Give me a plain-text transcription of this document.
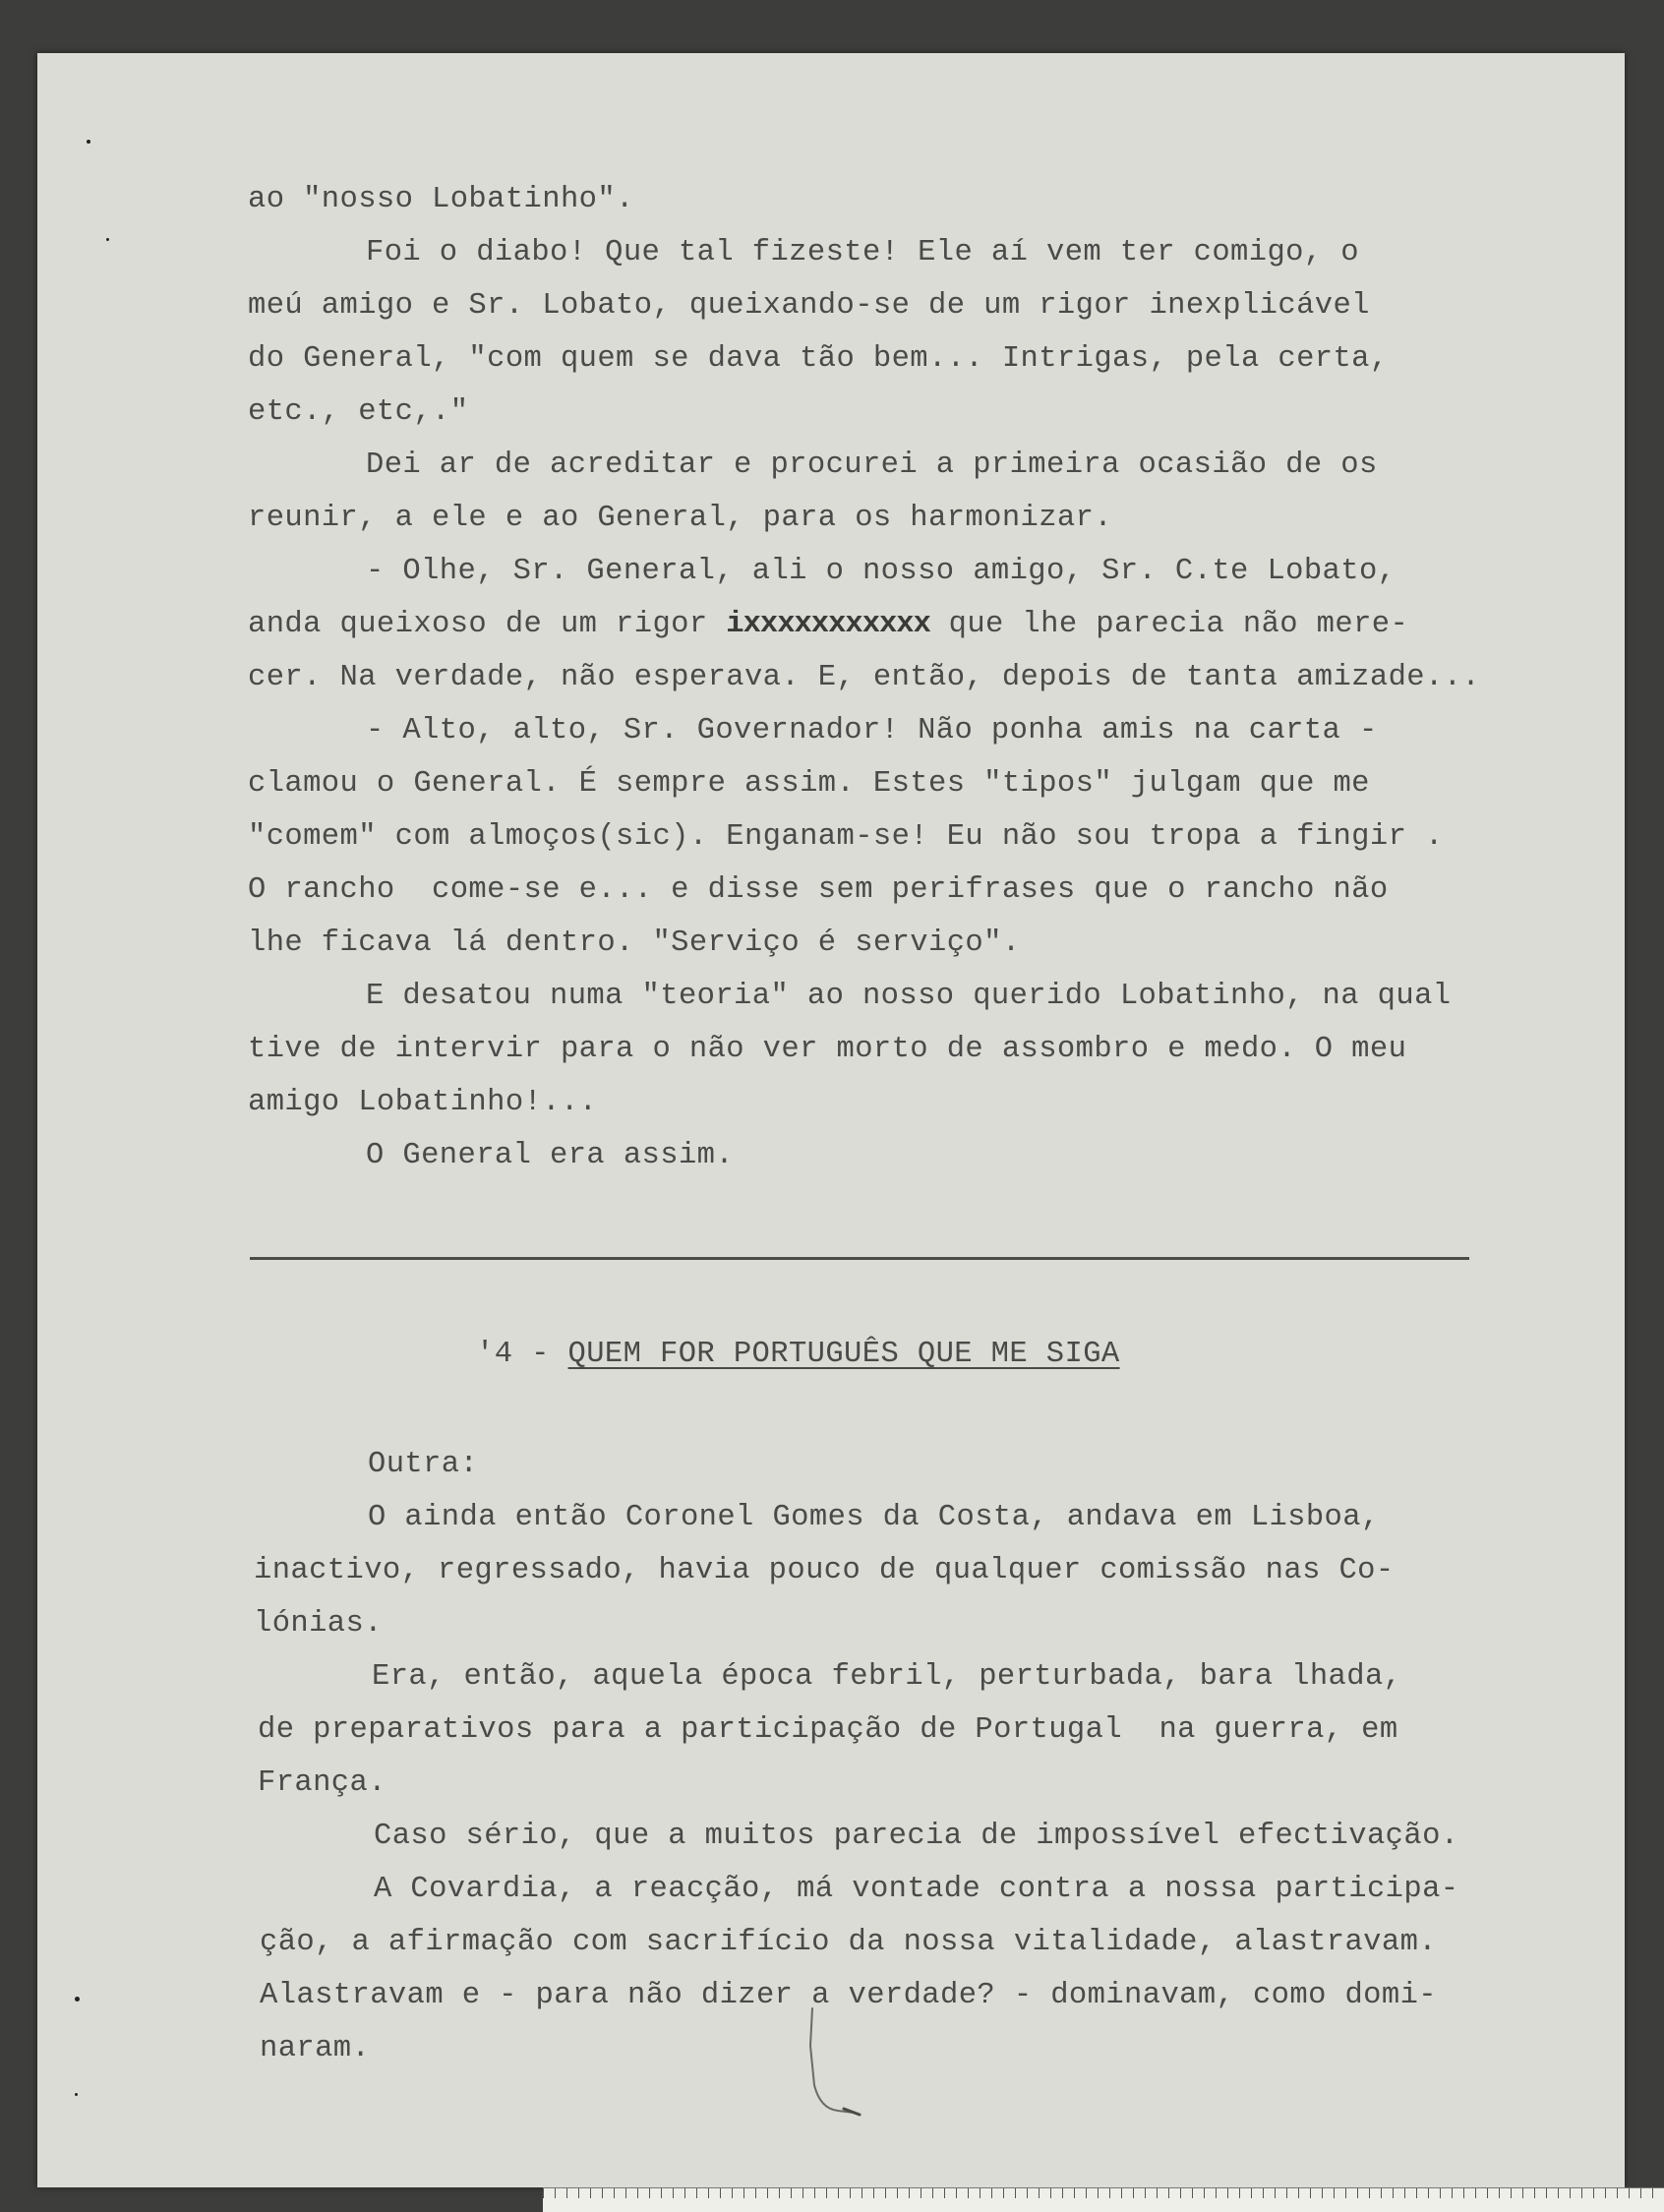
ao "nosso Lobatinho".
Foi o diabo! Que tal fizeste! Ele aí vem ter comigo, o
meú amigo e Sr. Lobato, queixando-se de um rigor inexplicável
do General, "com quem se dava tão bem... Intrigas, pela certa,
etc., etc,."
Dei ar de acreditar e procurei a primeira ocasião de os
reunir, a ele e ao General, para os harmonizar.
- Olhe, Sr. General, ali o nosso amigo, Sr. C.te Lobato,
anda queixoso de um rigor ixxxxxxxxxxx que lhe parecia não mere-
cer. Na verdade, não esperava. E, então, depois de tanta amizade...
- Alto, alto, Sr. Governador! Não ponha amis na carta -
clamou o General. É sempre assim. Estes "tipos" julgam que me
"comem" com almoços(sic). Enganam-se! Eu não sou tropa a fingir .
O rancho  come-se e... e disse sem perifrases que o rancho não
lhe ficava lá dentro. "Serviço é serviço".
E desatou numa "teoria" ao nosso querido Lobatinho, na qual
tive de intervir para o não ver morto de assombro e medo. O meu
amigo Lobatinho!...
O General era assim.
'4 - QUEM FOR PORTUGUÊS QUE ME SIGA
Outra:
O ainda então Coronel Gomes da Costa, andava em Lisboa,
inactivo, regressado, havia pouco de qualquer comissão nas Co-
lónias.
Era, então, aquela época febril, perturbada, bara lhada,
de preparativos para a participação de Portugal  na guerra, em
França.
Caso sério, que a muitos parecia de impossível efectivação.
A Covardia, a reacção, má vontade contra a nossa participa-
ção, a afirmação com sacrifício da nossa vitalidade, alastravam.
Alastravam e - para não dizer a verdade? - dominavam, como domi-
naram.
